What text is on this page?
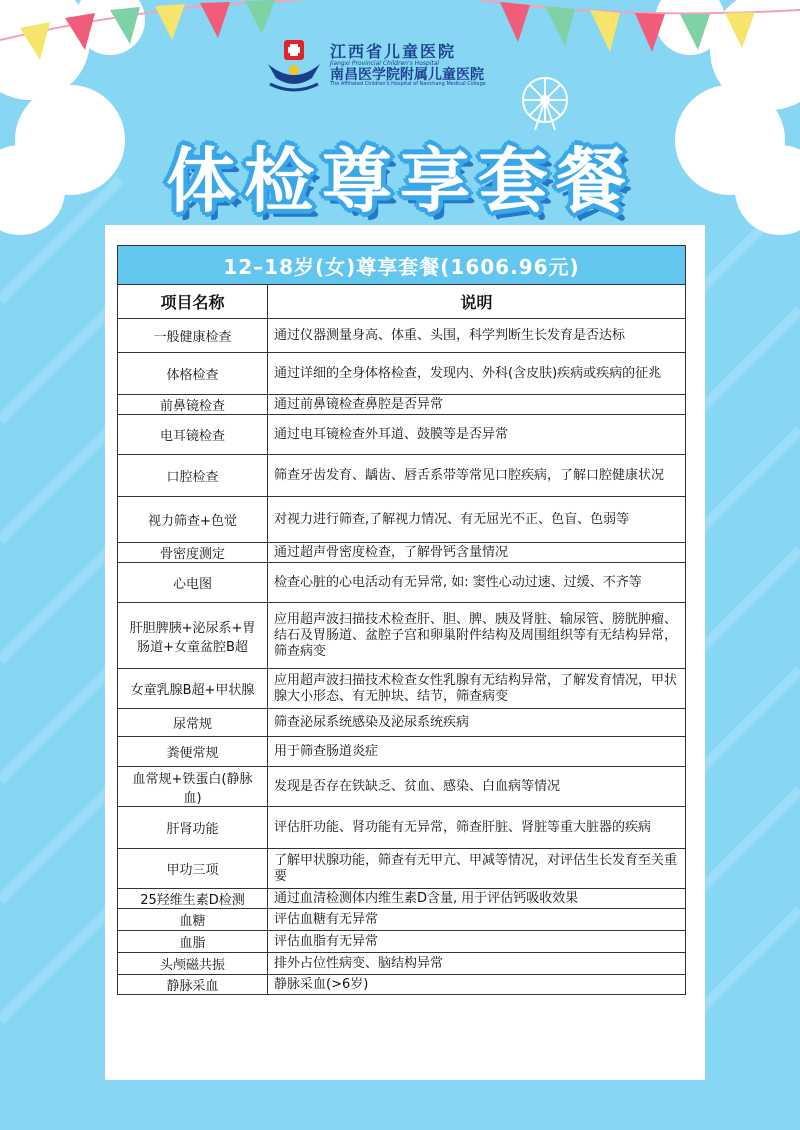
江西省儿童医院
Jiangxi Provincial Children's Hospital
南昌医学院附属儿童医院
The Affiliated Children's Hospital of Nanchang Medical College
体检尊享套餐
12–18岁(女)尊享套餐(1606.96元)	
项目名称	说明
一般健康检查	通过仪器测量身高、体重、头围，科学判断生长发育是否达标
体格检查	通过详细的全身体格检查，发现内、外科(含皮肤)疾病或疾病的征兆
前鼻镜检查	通过前鼻镜检查鼻腔是否异常
电耳镜检查	通过电耳镜检查外耳道、鼓膜等是否异常
口腔检查	筛查牙齿发育、龋齿、唇舌系带等常见口腔疾病，了解口腔健康状况
视力筛查+色觉	对视力进行筛查,了解视力情况、有无屈光不正、色盲、色弱等
骨密度测定	通过超声骨密度检查，了解骨钙含量情况
心电图	检查心脏的心电活动有无异常, 如: 窦性心动过速、过缓、不齐等
肝胆脾胰+泌尿系+胃肠道+女童盆腔B超	应用超声波扫描技术检查肝、胆、脾、胰及肾脏、输尿管、膀胱肿瘤、结石及胃肠道、盆腔子宫和卵巢附件结构及周围组织等有无结构异常，筛查病变
女童乳腺B超+甲状腺	应用超声波扫描技术检查女性乳腺有无结构异常，了解发育情况，甲状腺大小形态、有无肿块、结节，筛查病变
尿常规	筛查泌尿系统感染及泌尿系统疾病
粪便常规	用于筛查肠道炎症
血常规+铁蛋白(静脉血)	发现是否存在铁缺乏、贫血、感染、白血病等情况
肝肾功能	评估肝功能、肾功能有无异常，筛查肝脏、肾脏等重大脏器的疾病
甲功三项	了解甲状腺功能，筛查有无甲亢、甲减等情况，对评估生长发育至关重要
25羟维生素D检测	通过血清检测体内维生素D含量, 用于评估钙吸收效果
血糖	评估血糖有无异常
血脂	评估血脂有无异常
头颅磁共振	排外占位性病变、脑结构异常
静脉采血	静脉采血(>6岁)
